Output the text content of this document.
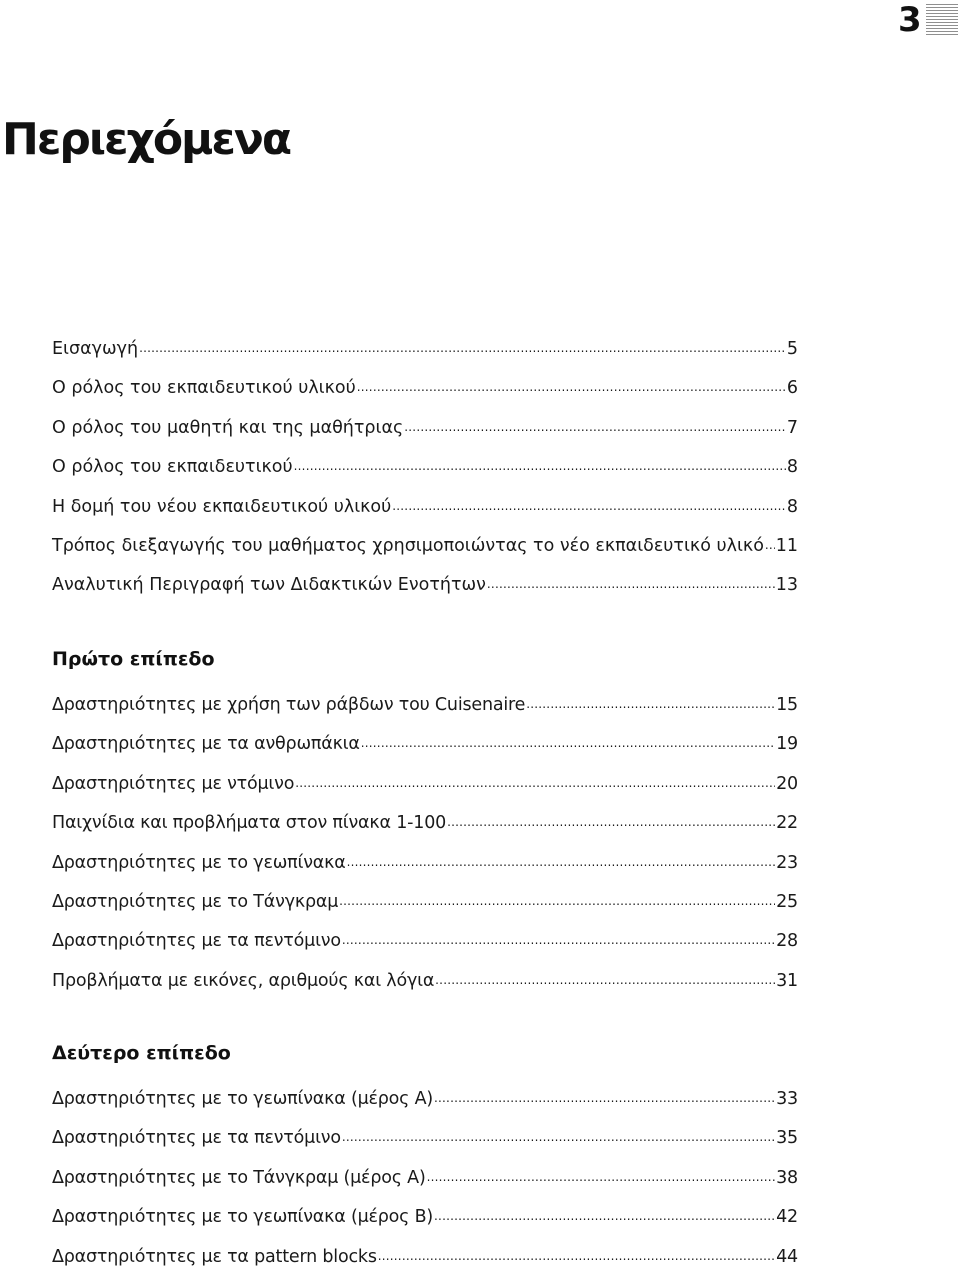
3
Περιεχόμενα
Εισαγωγή .....	5
Ο ρόλος του εκπαιδευτικού υλικού .....	6
Ο ρόλος του μαθητή και της μαθήτριας .....	7
Ο ρόλος του εκπαιδευτικού .....	8
Η δομή του νέου εκπαιδευτικού υλικού .....	8
Τρόπος διεξαγωγής του μαθήματος χρησιμοποιώντας το νέο εκπαιδευτικό υλικό ..... 11
Αναλυτική Περιγραφή των Διδακτικών Ενοτήτων .....	13
Πρώτο επίπεδο
Δραστηριότητες με χρήση των ράβδων του Cuisenaire .....	15
Δραστηριότητες με τα ανθρωπάκια .....	19
Δραστηριότητες με ντόμινο .....	20
Παιχνίδια και προβλήματα στον πίνακα 1-100 .....	22
Δραστηριότητες με το γεωπίνακα .....	23
Δραστηριότητες με το Τάνγκραμ .....	25
Δραστηριότητες με τα πεντόμινο .....	28
Προβλήματα με εικόνες, αριθμούς και λόγια .....	31
Δεύτερο επίπεδο
Δραστηριότητες με το γεωπίνακα (μέρος Α) .....	33
Δραστηριότητες με τα πεντόμινο .....	35
Δραστηριότητες με το Τάνγκραμ (μέρος Α) .....	38
Δραστηριότητες με το γεωπίνακα (μέρος Β) .....	42
Δραστηριότητες με τα pattern blocks .....	44
